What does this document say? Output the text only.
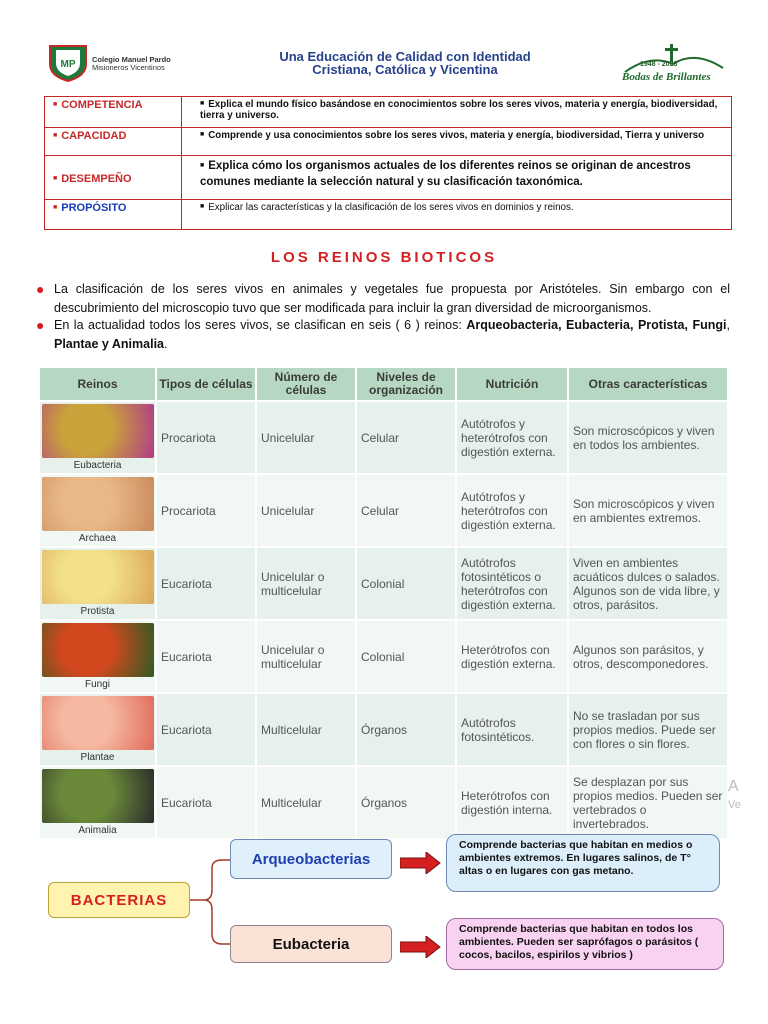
MP Colegio Manuel Pardo
Misioneros Vicentinos
Una Educación de Calidad con Identidad
Cristiana, Católica y Vicentina	1948 - 2023
Bodas de Brillantes
■ COMPETENCIA	■ Explica el mundo físico basándose en conocimientos sobre los seres vivos, materia y energía, biodiversidad, tierra y universo.
■ CAPACIDAD	■ Comprende y usa conocimientos sobre los seres vivos, materia y energía, biodiversidad, Tierra y universo
■ DESEMPEÑO	■ Explica cómo los organismos actuales de los diferentes reinos se originan de ancestros comunes mediante la selección natural y su clasificación taxonómica.
■ PROPÓSITO	■ Explicar las características y la clasificación de los seres vivos en dominios y reinos.
LOS REINOS BIOTICOS
● La clasificación de los seres vivos en animales y vegetales fue propuesta por Aristóteles. Sin embargo con el descubrimiento del microscopio tuvo que ser modificada para incluir la gran diversidad de microorganismos.
● En la actualidad todos los seres vivos, se clasifican en seis ( 6 ) reinos: Arqueobacteria, Eubacteria, Protista, Fungi, Plantae y Animalia.
Reinos	Tipos de células	Número de células	Niveles de organización	Nutrición	Otras características

Eubacteria	Procariota	Unicelular	Celular	Autótrofos y heterótrofos con digestión externa.	Son microscópicos y viven en todos los ambientes.

Archaea	Procariota	Unicelular	Celular	Autótrofos y heterótrofos con digestión externa.	Son microscópicos y viven en ambientes extremos.

Protista	Eucariota	Unicelular o multicelular	Colonial	Autótrofos fotosintéticos o heterótrofos con digestión externa.	Viven en ambientes acuáticos dulces o salados. Algunos son de vida libre, y otros, parásitos.

Fungi	Eucariota	Unicelular o multicelular	Colonial	Heterótrofos con digestión externa.	Algunos son parásitos, y otros, descomponedores.

Plantae	Eucariota	Multicelular	Órganos	Autótrofos fotosintéticos.	No se trasladan por sus propios medios. Puede ser con flores o sin flores.

Animalia	Eucariota	Multicelular	Órganos	Heterótrofos con digestión interna.	Se desplazan por sus propios medios. Pueden ser vertebrados o invertebrados.
A
Ve
BACTERIAS
Arqueobacterias
Eubacteria
Comprende bacterias que habitan en medios o ambientes extremos. En lugares salinos, de T° altas o en lugares con gas metano.
Comprende bacterias que habitan en todos los ambientes. Pueden ser saprófagos o parásitos ( cocos, bacilos, espirilos y vibrios )
